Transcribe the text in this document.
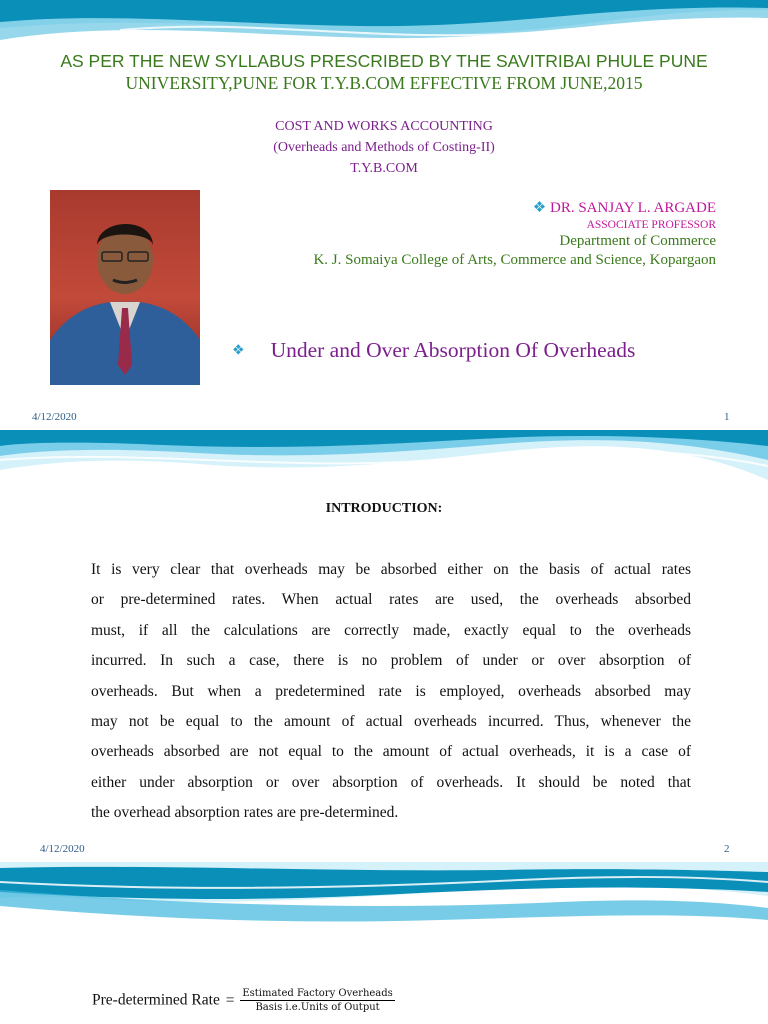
AS PER THE NEW SYLLABUS PRESCRIBED BY THE SAVITRIBAI PHULE PUNE
UNIVERSITY,PUNE FOR T.Y.B.COM EFFECTIVE FROM JUNE,2015
COST AND WORKS ACCOUNTING
(Overheads and Methods of Costing-II)
T.Y.B.COM
❖ DR. SANJAY L. ARGADE
ASSOCIATE PROFESSOR
Department of Commerce
K. J. Somaiya College of Arts, Commerce and Science, Kopargaon
❖ Under and Over Absorption Of Overheads
4/12/2020	1
INTRODUCTION:
It is very clear that overheads may be absorbed either on the basis of actual rates
or pre-determined rates. When actual rates are used, the overheads absorbed
must, if all the calculations are correctly made, exactly equal to the overheads
incurred. In such a case, there is no problem of under or over absorption of
overheads. But when a predetermined rate is employed, overheads absorbed may
may not be equal to the amount of actual overheads incurred. Thus, whenever the
overheads absorbed are not equal to the amount of actual overheads, it is a case of
either under absorption or over absorption of overheads. It should be noted that
the overhead absorption rates are pre-determined.
4/12/2020	2
Pre-determined Rate = $\frac{\text{Estimated Factory Overheads}}{\text{Basis i.e.Units of Output}}$
